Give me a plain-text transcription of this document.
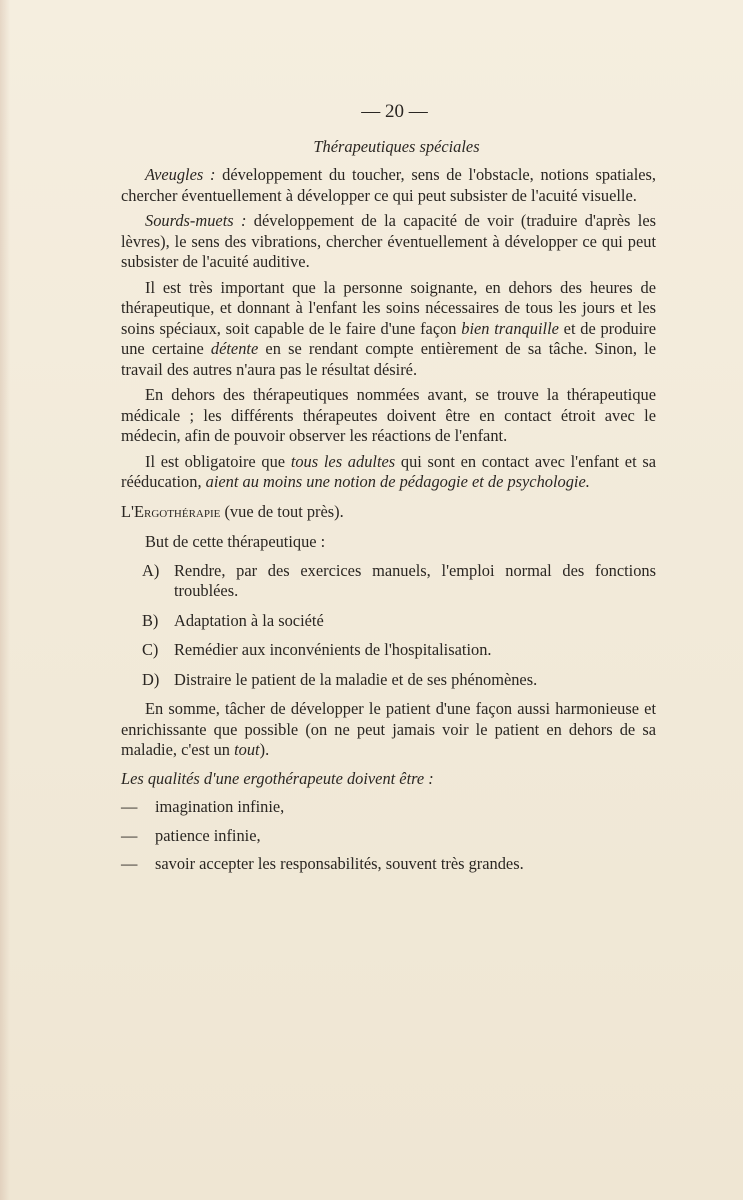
— 20 —
Thérapeutiques spéciales

Aveugles : développement du toucher, sens de l'obstacle, notions spatiales, chercher éventuellement à développer ce qui peut subsister de l'acuité visuelle.

Sourds-muets : développement de la capacité de voir (traduire d'après les lèvres), le sens des vibrations, chercher éventuellement à développer ce qui peut subsister de l'acuité auditive.

Il est très important que la personne soignante, en dehors des heures de thérapeutique, et donnant à l'enfant les soins nécessaires de tous les jours et les soins spéciaux, soit capable de le faire d'une façon bien tranquille et de produire une certaine détente en se rendant compte entièrement de sa tâche. Sinon, le travail des autres n'aura pas le résultat désiré.

En dehors des thérapeutiques nommées avant, se trouve la thérapeutique médicale ; les différents thérapeutes doivent être en contact étroit avec le médecin, afin de pouvoir observer les réactions de l'enfant.

Il est obligatoire que tous les adultes qui sont en contact avec l'enfant et sa rééducation, aient au moins une notion de pédagogie et de psychologie.

L'Ergothérapie (vue de tout près).

But de cette thérapeutique :

A) Rendre, par des exercices manuels, l'emploi normal des fonctions troublées.
B) Adaptation à la société
C) Remédier aux inconvénients de l'hospitalisation.
D) Distraire le patient de la maladie et de ses phénomènes.

En somme, tâcher de développer le patient d'une façon aussi harmonieuse et enrichissante que possible (on ne peut jamais voir le patient en dehors de sa maladie, c'est un tout).

Les qualités d'une ergothérapeute doivent être :

— imagination infinie,

— patience infinie,

— savoir accepter les responsabilités, souvent très grandes.
